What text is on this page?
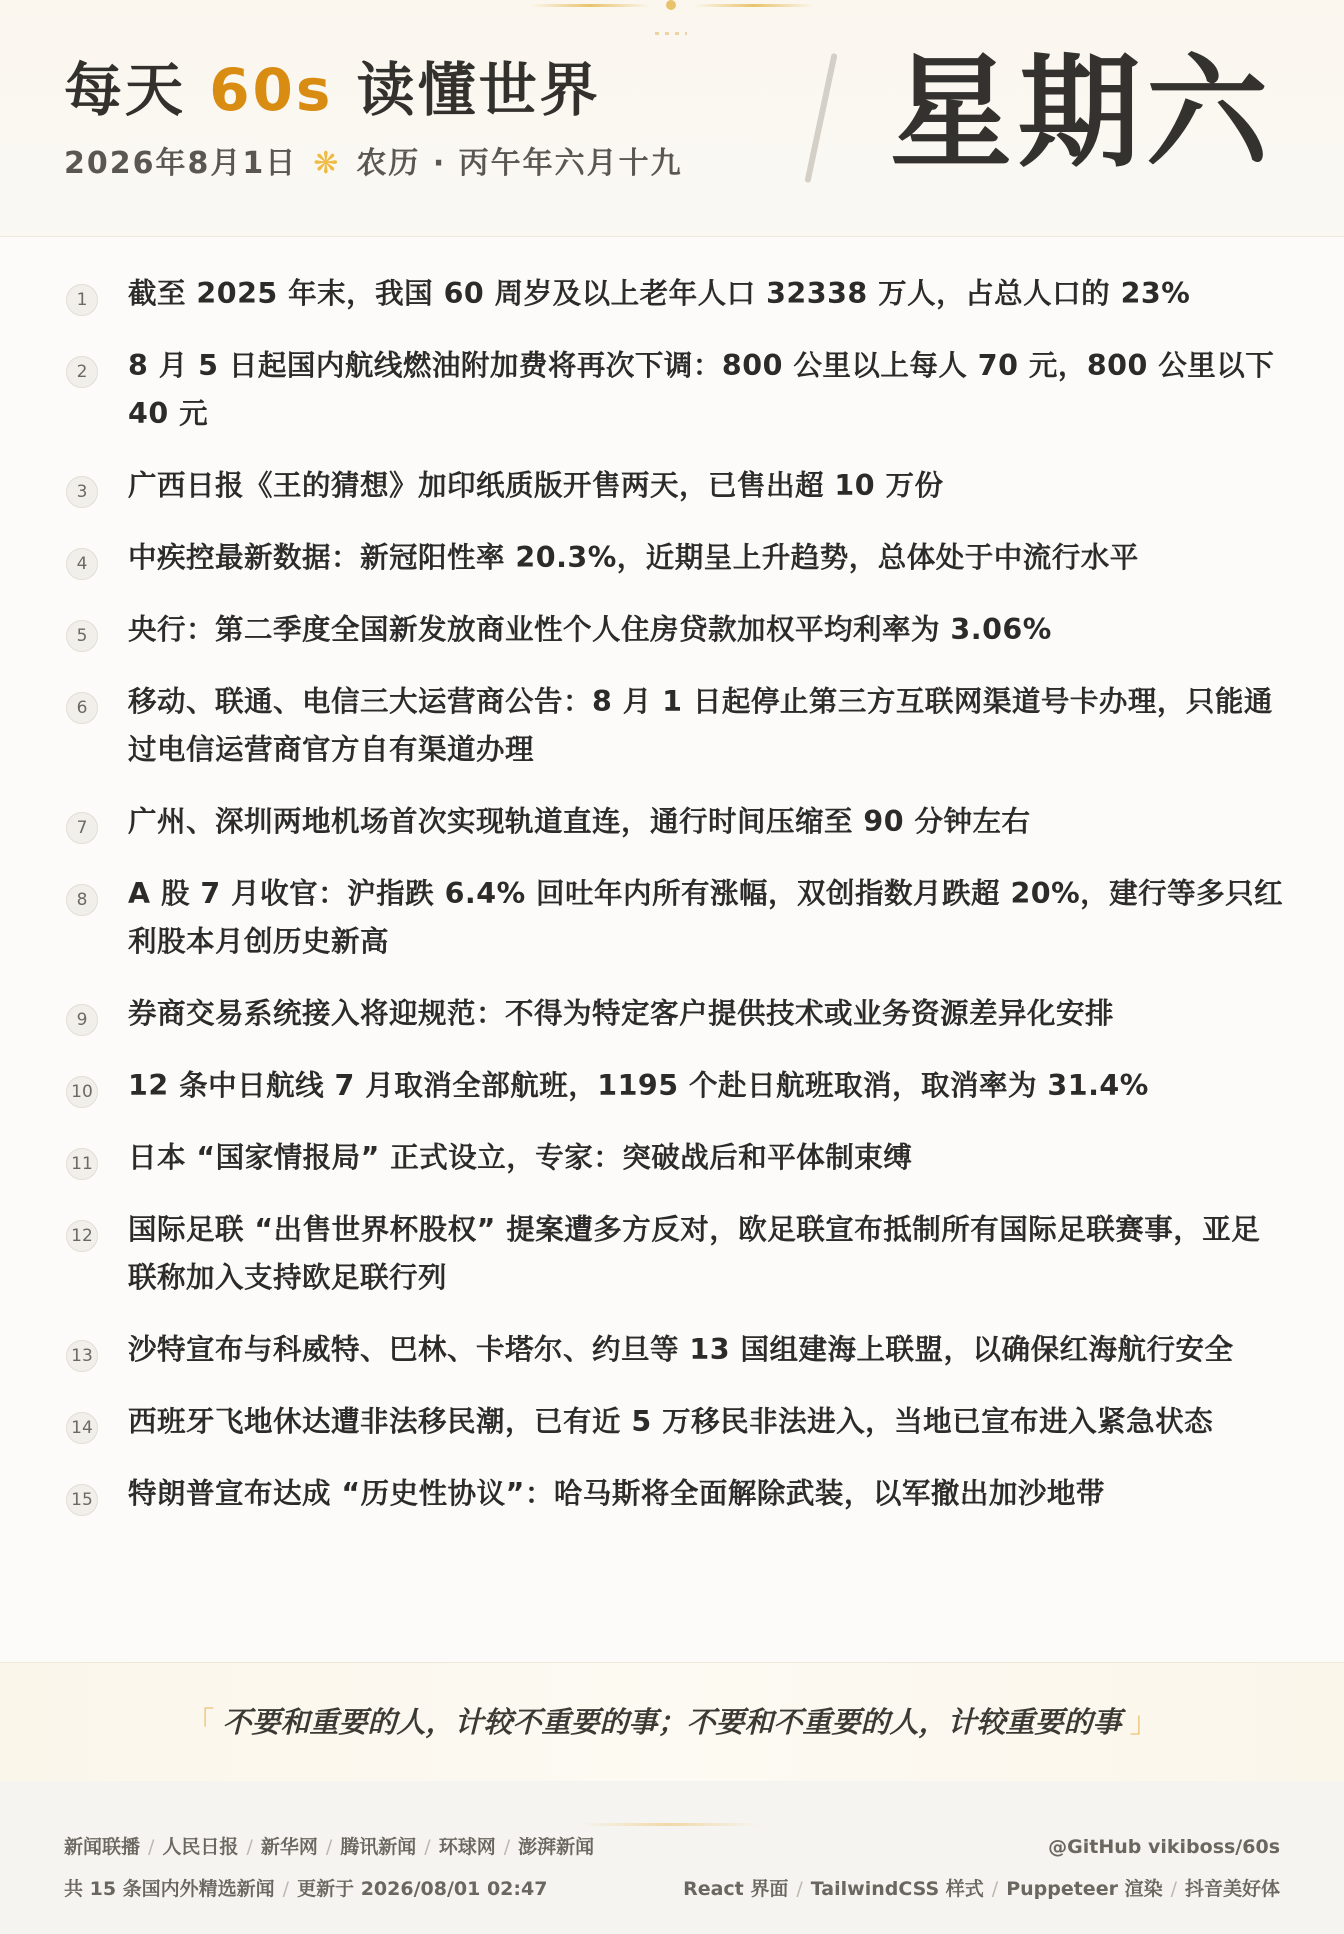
每天 60s 读懂世界
2026年8月1日 ❋ 农历 · 丙午年六月十九 星期六
1	截至 2025 年末，我国 60 周岁及以上老年人口 32338 万人，占总人口的 23%
2	8 月 5 日起国内航线燃油附加费将再次下调：800 公里以上每人 70 元，800 公里以下 40 元
3	广西日报《王的猜想》加印纸质版开售两天，已售出超 10 万份
4	中疾控最新数据：新冠阳性率 20.3%，近期呈上升趋势，总体处于中流行水平
5	央行：第二季度全国新发放商业性个人住房贷款加权平均利率为 3.06%
6	移动、联通、电信三大运营商公告：8 月 1 日起停止第三方互联网渠道号卡办理，只能通过电信运营商官方自有渠道办理
7	广州、深圳两地机场首次实现轨道直连，通行时间压缩至 90 分钟左右
8	A 股 7 月收官：沪指跌 6.4% 回吐年内所有涨幅，双创指数月跌超 20%，建行等多只红利股本月创历史新高
9	券商交易系统接入将迎规范：不得为特定客户提供技术或业务资源差异化安排
10 12 条中日航线 7 月取消全部航班，1195 个赴日航班取消，取消率为 31.4%
11 日本 “国家情报局” 正式设立，专家：突破战后和平体制束缚
12 国际足联 “出售世界杯股权” 提案遭多方反对，欧足联宣布抵制所有国际足联赛事，亚足联称加入支持欧足联行列
13 沙特宣布与科威特、巴林、卡塔尔、约旦等 13 国组建海上联盟，以确保红海航行安全
14 西班牙飞地休达遭非法移民潮，已有近 5 万移民非法进入，当地已宣布进入紧急状态
15 特朗普宣布达成 “历史性协议”：哈马斯将全面解除武装，以军撤出加沙地带
「 不要和重要的人，计较不重要的事；不要和不重要的人，计较重要的事 」
新闻联播 / 人民日报 / 新华网 / 腾讯新闻 / 环球网 / 澎湃新闻
共 15 条国内外精选新闻 / 更新于 2026/08/01 02:47
@GitHub vikiboss/60s
React 界面 / TailwindCSS 样式 / Puppeteer 渲染 / 抖音美好体
